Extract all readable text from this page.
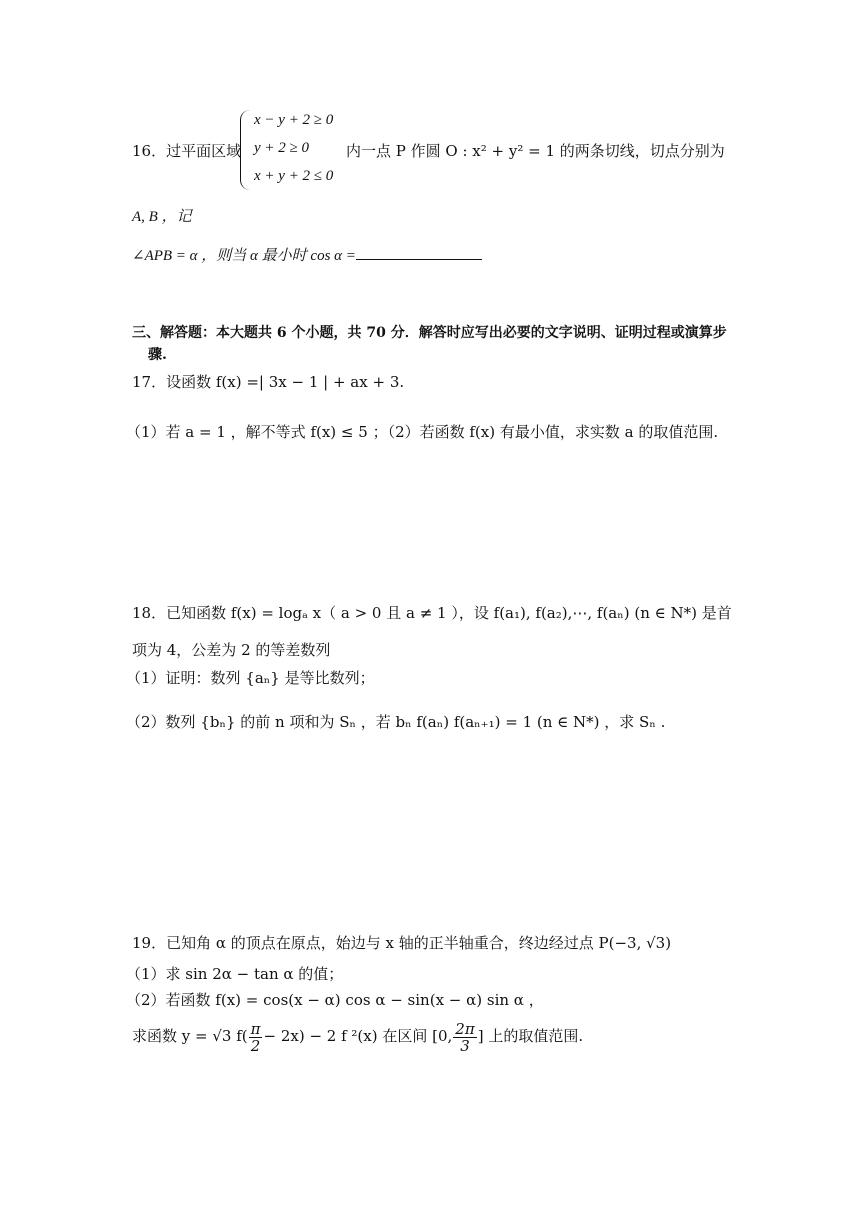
16．过平面区域
x − y + 2 ≥ 0
y + 2 ≥ 0
x + y + 2 ≤ 0
内一点 P 作圆 O : x² + y² = 1 的两条切线，切点分别为
A, B ，记
∠APB = α ，则当 α 最小时 cos α =
三、解答题：本大题共 6 个小题，共 70 分．解答时应写出必要的文字说明、证明过程或演算步
骤.
17．设函数 f(x) =| 3x − 1 | + ax + 3.
（1）若 a = 1 ，解不等式 f(x) ≤ 5 ；（2）若函数 f(x) 有最小值，求实数 a 的取值范围.
18．已知函数 f(x) = logₐ x（ a > 0 且 a ≠ 1 ），设 f(a₁), f(a₂),⋯, f(aₙ) (n ∈ N*) 是首
项为 4，公差为 2 的等差数列
（1）证明：数列 {aₙ} 是等比数列；
（2）数列 {bₙ} 的前 n 项和为 Sₙ ，若 bₙ f(aₙ) f(aₙ₊₁) = 1 (n ∈ N*) ，求 Sₙ .
19．已知角 α 的顶点在原点，始边与 x 轴的正半轴重合，终边经过点 P(−3, √3)
（1）求 sin 2α − tan α 的值；
（2）若函数 f(x) = cos(x − α) cos α − sin(x − α) sin α ，
求函数 y = √3 $f( \frac{\pi}{2} - 2x) - 2$ f ²(x) 在区间 [0, $\frac{2\pi}{3}$ ] 上的取值范围.
